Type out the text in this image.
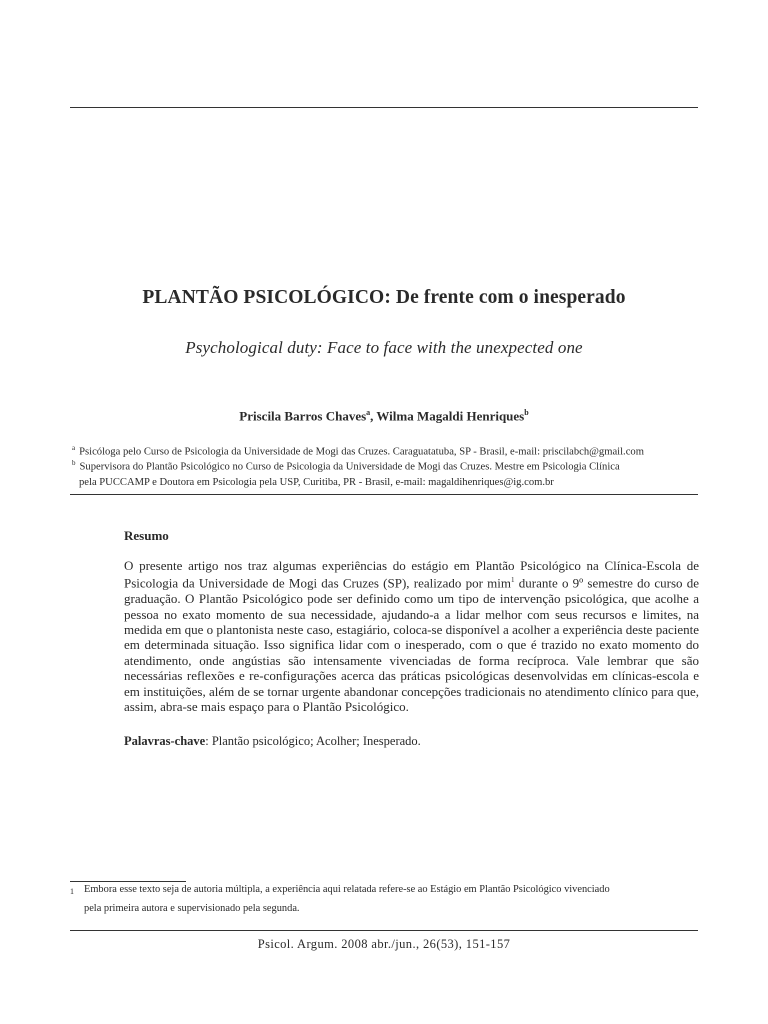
PLANTÃO PSICOLÓGICO: De frente com o inesperado
Psychological duty: Face to face with the unexpected one
Priscila Barros Chaves$^a$, Wilma Magaldi Henriques$^b$
$^a$ Psicóloga pelo Curso de Psicologia da Universidade de Mogi das Cruzes. Caraguatatuba, SP - Brasil, e-mail: priscilabch@gmail.com
$^b$ Supervisora do Plantão Psicológico no Curso de Psicologia da Universidade de Mogi das Cruzes. Mestre em Psicologia Clínica
pela PUCCAMP e Doutora em Psicologia pela USP, Curitiba, PR - Brasil, e-mail: magaldihenriques@ig.com.br
Resumo

O presente artigo nos traz algumas experiências do estágio em Plantão Psicológico na Clínica-Escola de Psicologia da Universidade de Mogi das Cruzes (SP), realizado por mim$^1$ durante o 9º semestre do curso de graduação. O Plantão Psicológico pode ser definido como um tipo de intervenção psicológica, que acolhe a pessoa no exato momento de sua necessidade, ajudando-a a lidar melhor com seus recursos e limites, na medida em que o plantonista neste caso, estagiário, coloca-se disponível a acolher a experiência deste paciente em determinada situação. Isso significa lidar com o inesperado, com o que é trazido no exato momento do atendimento, onde angústias são intensamente vivenciadas de forma recíproca. Vale lembrar que são necessárias reflexões e re-configurações acerca das práticas psicológicas desenvolvidas em clínicas-escola e em instituições, além de se tornar urgente abandonar concepções tradicionais no atendimento clínico para que, assim, abra-se mais espaço para o Plantão Psicológico.

Palavras-chave: Plantão psicológico; Acolher; Inesperado.
1 Embora esse texto seja de autoria múltipla, a experiência aqui relatada refere-se ao Estágio em Plantão Psicológico vivenciado
pela primeira autora e supervisionado pela segunda.
Psicol. Argum. 2008 abr./jun., 26(53), 151-157
